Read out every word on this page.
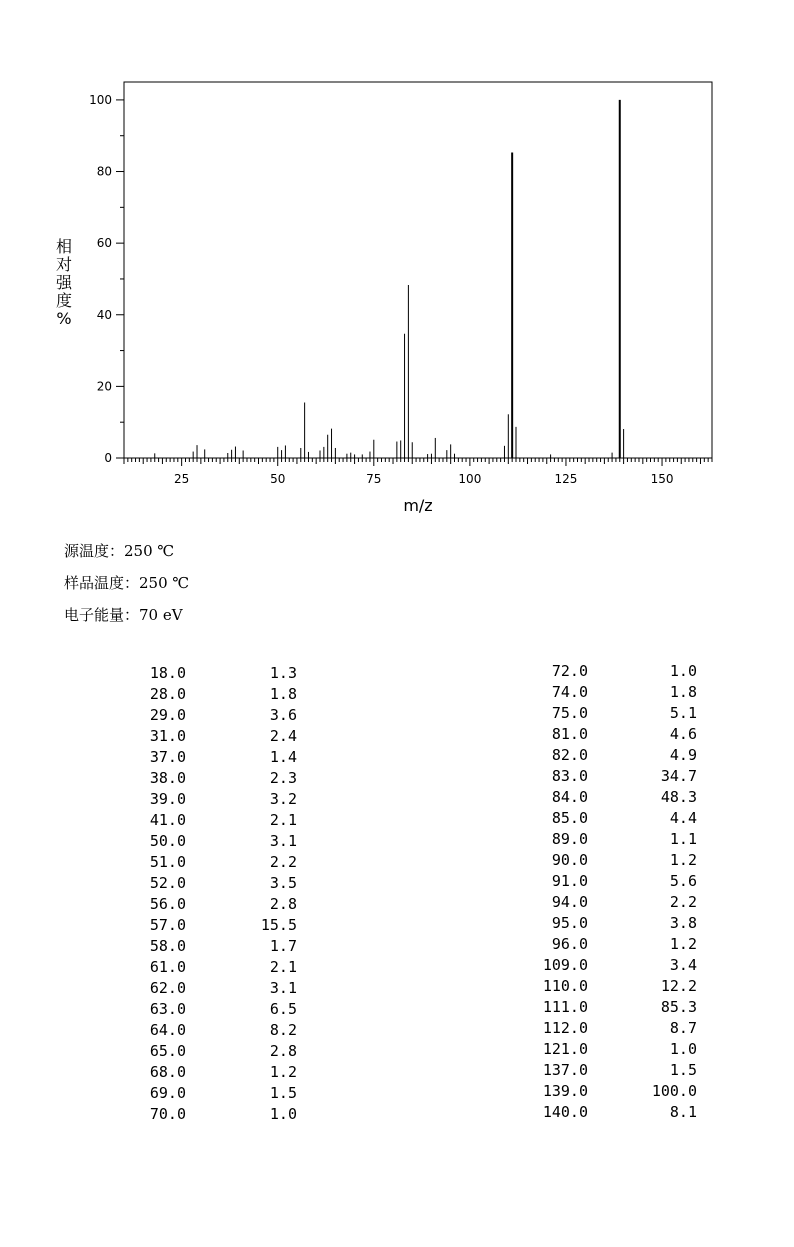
0
20
40
60
80
100
25	50	75	100	125	150
m/z
相对强度%
源温度：250 ℃
样品温度：250 ℃
电子能量：70 eV
18.0	1.3
28.0	1.8
29.0	3.6
31.0	2.4
37.0	1.4
38.0	2.3
39.0	3.2
41.0	2.1
50.0	3.1
51.0	2.2
52.0	3.5
56.0	2.8
57.0	15.5
58.0	1.7
61.0	2.1
62.0	3.1
63.0	6.5
64.0	8.2
65.0	2.8
68.0	1.2
69.0	1.5
70.0	1.0
72.0	1.0
74.0	1.8
75.0	5.1
81.0	4.6
82.0	4.9
83.0	34.7
84.0	48.3
85.0	4.4
89.0	1.1
90.0	1.2
91.0	5.6
94.0	2.2
95.0	3.8
96.0	1.2
109.0	3.4
110.0	12.2
111.0	85.3
112.0	8.7
121.0	1.0
137.0	1.5
139.0	100.0
140.0	8.1
